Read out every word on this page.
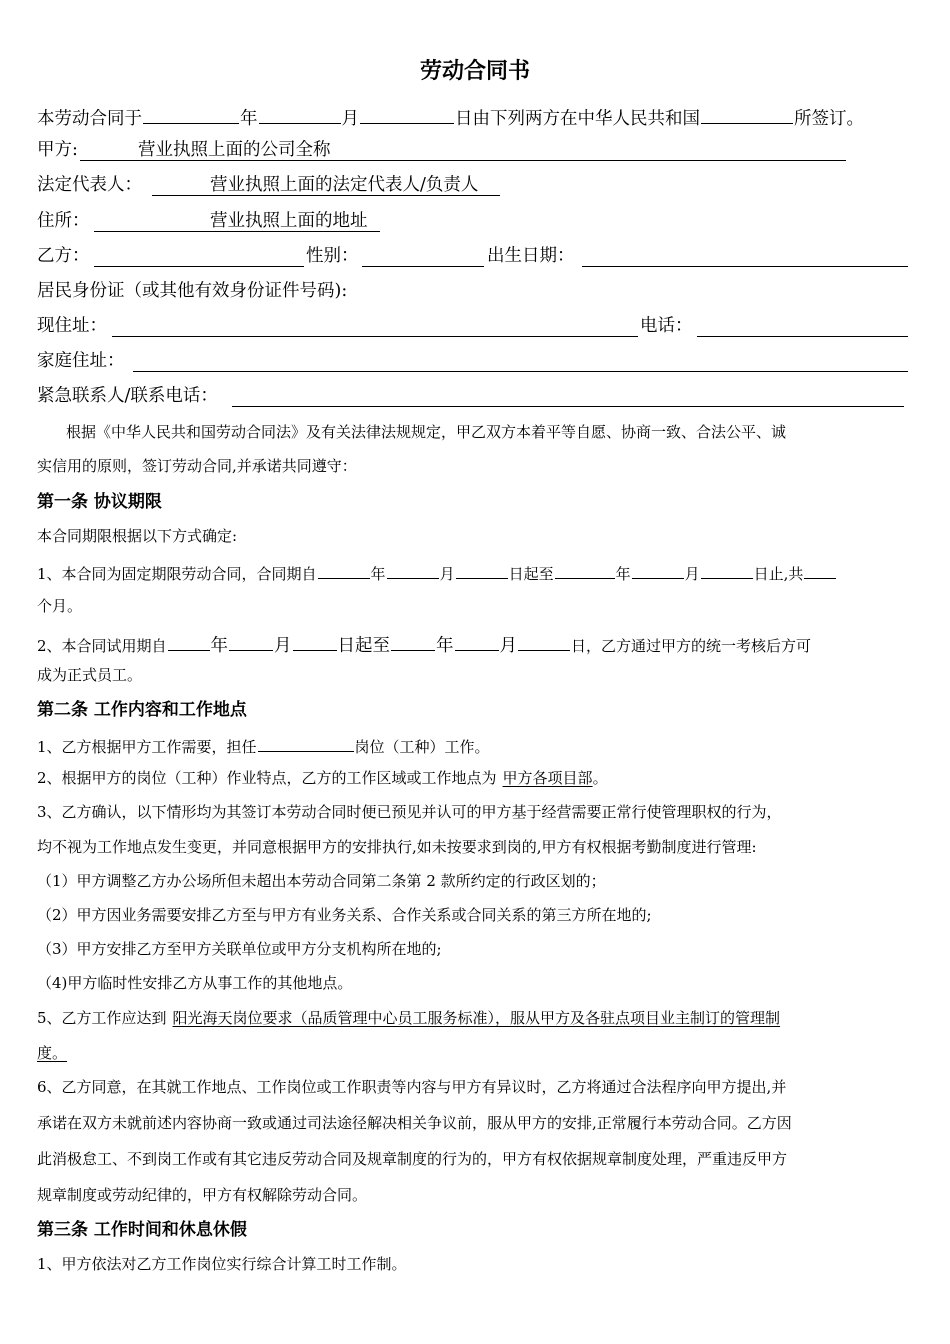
劳动合同书
本劳动合同于	年	月	日由下列两方在中华人民共和国	所签订。
甲方:	营业执照上面的公司全称
法定代表人：	营业执照上面的法定代表人/负责人
住所：	营业执照上面的地址
乙方：	性别：	出生日期：
居民身份证（或其他有效身份证件号码):
现住址：	电话：
家庭住址：
紧急联系人/联系电话：
根据《中华人民共和国劳动合同法》及有关法律法规规定，甲乙双方本着平等自愿、协商一致、合法公平、诚
实信用的原则，签订劳动合同,并承诺共同遵守：
第一条 协议期限
本合同期限根据以下方式确定:
1、本合同为固定期限劳动合同，合同期自	年	月	日起至	年	月	日止,共
个月。
2、本合同试用期自	年	月	日起至	年	月	日，乙方通过甲方的统一考核后方可
成为正式员工。
第二条 工作内容和工作地点
1、乙方根据甲方工作需要，担任	岗位（工种）工作。
2、根据甲方的岗位（工种）作业特点，乙方的工作区域或工作地点为 甲方各项目部。
3、乙方确认，以下情形均为其签订本劳动合同时便已预见并认可的甲方基于经营需要正常行使管理职权的行为，
均不视为工作地点发生变更，并同意根据甲方的安排执行,如未按要求到岗的,甲方有权根据考勤制度进行管理:
（1）甲方调整乙方办公场所但未超出本劳动合同第二条第 2 款所约定的行政区划的；
（2）甲方因业务需要安排乙方至与甲方有业务关系、合作关系或合同关系的第三方所在地的;
（3）甲方安排乙方至甲方关联单位或甲方分支机构所在地的;
（4)甲方临时性安排乙方从事工作的其他地点。
5、乙方工作应达到 阳光海天岗位要求（品质管理中心员工服务标准），服从甲方及各驻点项目业主制订的管理制
度。
6、乙方同意，在其就工作地点、工作岗位或工作职责等内容与甲方有异议时，乙方将通过合法程序向甲方提出,并
承诺在双方未就前述内容协商一致或通过司法途径解决相关争议前，服从甲方的安排,正常履行本劳动合同。乙方因
此消极怠工、不到岗工作或有其它违反劳动合同及规章制度的行为的，甲方有权依据规章制度处理，严重违反甲方
规章制度或劳动纪律的，甲方有权解除劳动合同。
第三条 工作时间和休息休假
1、甲方依法对乙方工作岗位实行综合计算工时工作制。
